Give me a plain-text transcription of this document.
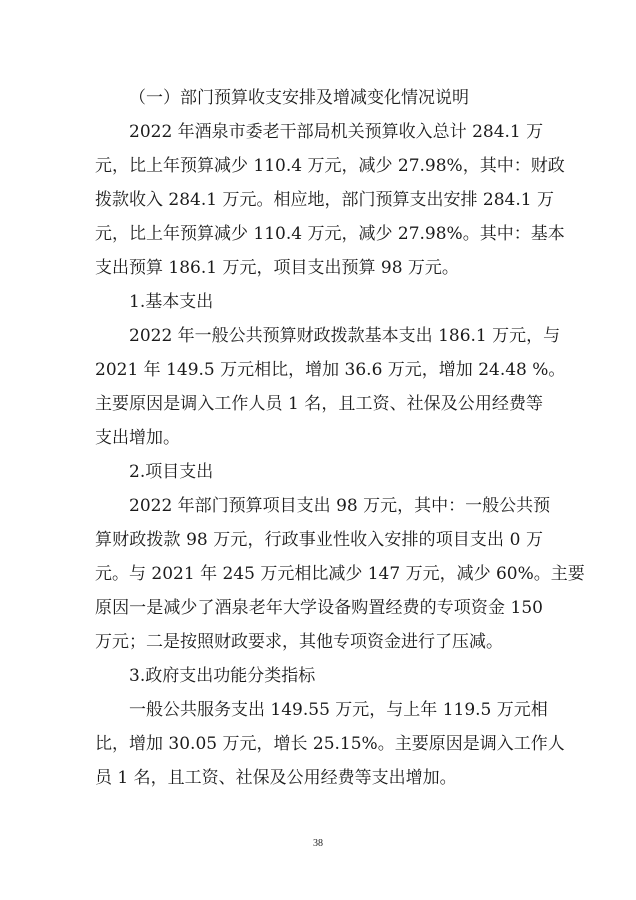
（一）部门预算收支安排及增减变化情况说明
2022 年酒泉市委老干部局机关预算收入总计 284.1 万
元，比上年预算减少 110.4 万元，减少 27.98%，其中：财政
拨款收入 284.1 万元。相应地，部门预算支出安排 284.1 万
元，比上年预算减少 110.4 万元，减少 27.98%。其中：基本
支出预算 186.1 万元，项目支出预算 98 万元。
1.基本支出
2022 年一般公共预算财政拨款基本支出 186.1 万元，与
2021 年 149.5 万元相比，增加 36.6 万元，增加 24.48 %。
主要原因是调入工作人员 1 名，且工资、社保及公用经费等
支出增加。
2.项目支出
2022 年部门预算项目支出 98 万元，其中：一般公共预
算财政拨款 98 万元，行政事业性收入安排的项目支出 0 万
元。与 2021 年 245 万元相比减少 147 万元，减少 60%。主要
原因一是减少了酒泉老年大学设备购置经费的专项资金 150
万元；二是按照财政要求，其他专项资金进行了压减。
3.政府支出功能分类指标
一般公共服务支出 149.55 万元，与上年 119.5 万元相
比，增加 30.05 万元，增长 25.15%。主要原因是调入工作人
员 1 名，且工资、社保及公用经费等支出增加。
38
